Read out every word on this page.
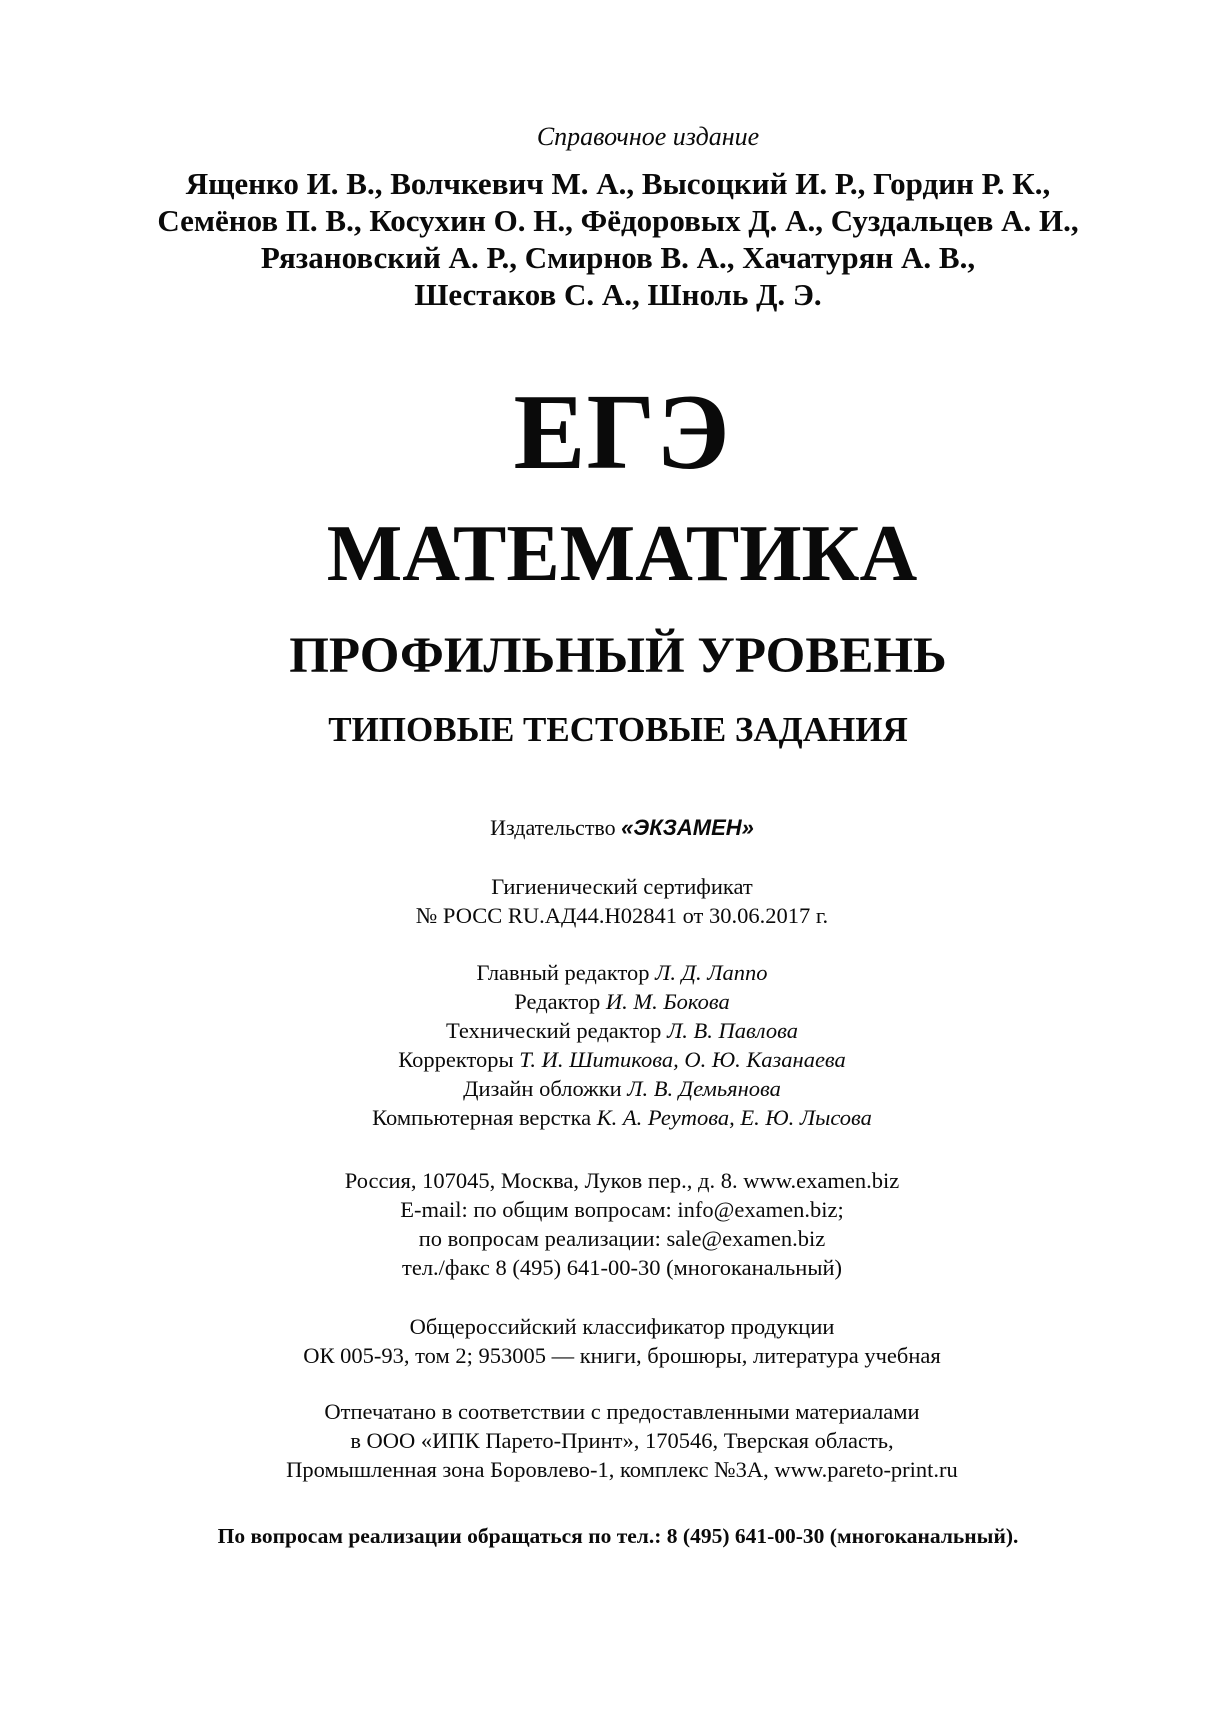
Справочное издание
Ященко И. В., Волчкевич М. А., Высоцкий И. Р., Гордин Р. К.,
Семёнов П. В., Косухин О. Н., Фёдоровых Д. А., Суздальцев А. И.,
Рязановский А. Р., Смирнов В. А., Хачатурян А. В.,
Шестаков С. А., Шноль Д. Э.
ЕГЭ
МАТЕМАТИКА
ПРОФИЛЬНЫЙ УРОВЕНЬ
ТИПОВЫЕ ТЕСТОВЫЕ ЗАДАНИЯ
Издательство «ЭКЗАМЕН»
Гигиенический сертификат
№ РОСС RU.АД44.Н02841 от 30.06.2017 г.
Главный редактор Л. Д. Лаппо
Редактор И. М. Бокова
Технический редактор Л. В. Павлова
Корректоры Т. И. Шитикова, О. Ю. Казанаева
Дизайн обложки Л. В. Демьянова
Компьютерная верстка К. А. Реутова, Е. Ю. Лысова
Россия, 107045, Москва, Луков пер., д. 8. www.examen.biz
E-mail: по общим вопросам: info@examen.biz;
по вопросам реализации: sale@examen.biz
тел./факс 8 (495) 641-00-30 (многоканальный)
Общероссийский классификатор продукции
ОК 005-93, том 2; 953005 — книги, брошюры, литература учебная
Отпечатано в соответствии с предоставленными материалами
в ООО «ИПК Парето-Принт», 170546, Тверская область,
Промышленная зона Боровлево-1, комплекс №3А, www.pareto-print.ru
По вопросам реализации обращаться по тел.: 8 (495) 641-00-30 (многоканальный).
